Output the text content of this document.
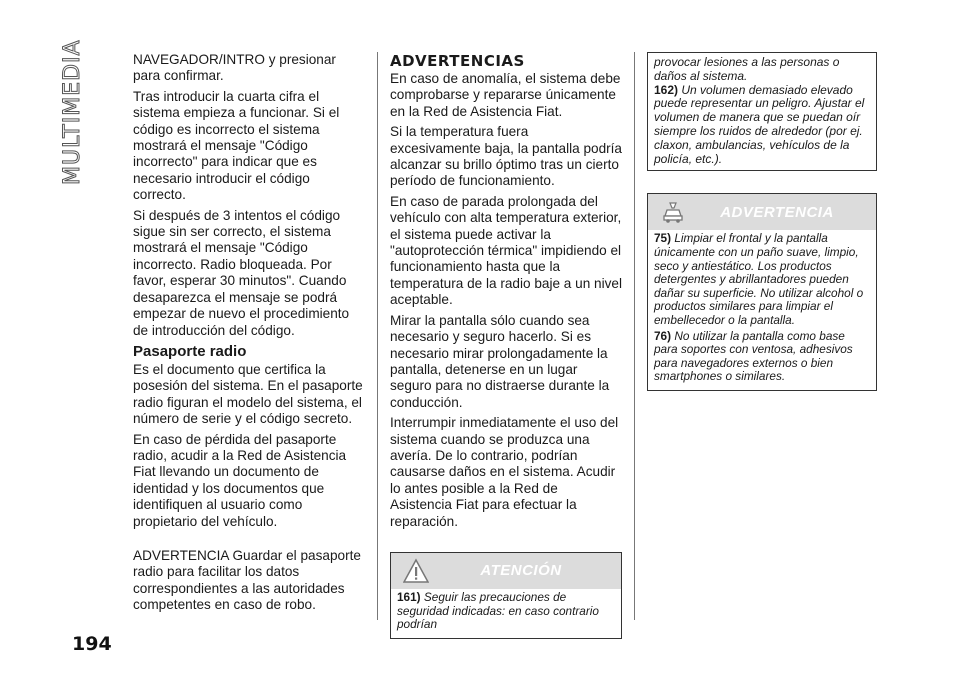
MULTIMEDIA	NAVEGADOR/INTRO y presionar para confirmar.

Tras introducir la cuarta cifra el sistema empieza a funcionar. Si el código es incorrecto el sistema mostrará el mensaje "Código incorrecto" para indicar que es necesario introducir el código correcto.

Si después de 3 intentos el código sigue sin ser correcto, el sistema mostrará el mensaje "Código incorrecto. Radio bloqueada. Por favor, esperar 30 minutos". Cuando desaparezca el mensaje se podrá empezar de nuevo el procedimiento de introducción del código.

Pasaporte radio

Es el documento que certifica la posesión del sistema. En el pasaporte radio figuran el modelo del sistema, el número de serie y el código secreto.

En caso de pérdida del pasaporte radio, acudir a la Red de Asistencia Fiat llevando un documento de identidad y los documentos que identifiquen al usuario como propietario del vehículo.

ADVERTENCIA Guardar el pasaporte radio para facilitar los datos correspondientes a las autoridades competentes en caso de robo.

ADVERTENCIAS

En caso de anomalía, el sistema debe comprobarse y repararse únicamente en la Red de Asistencia Fiat.

Si la temperatura fuera excesivamente baja, la pantalla podría alcanzar su brillo óptimo tras un cierto período de funcionamiento.

En caso de parada prolongada del vehículo con alta temperatura exterior, el sistema puede activar la "autoprotección térmica" impidiendo el funcionamiento hasta que la temperatura de la radio baje a un nivel aceptable.

Mirar la pantalla sólo cuando sea necesario y seguro hacerlo. Si es necesario mirar prolongadamente la pantalla, detenerse en un lugar seguro para no distraerse durante la conducción.

Interrumpir inmediatamente el uso del sistema cuando se produzca una avería. De lo contrario, podrían causarse daños en el sistema. Acudir lo antes posible a la Red de Asistencia Fiat para efectuar la reparación.

ATENCIÓN

161) Seguir las precauciones de seguridad indicadas: en caso contrario podrían

provocar lesiones a las personas o daños al sistema.

162) Un volumen demasiado elevado puede representar un peligro. Ajustar el volumen de manera que se puedan oír siempre los ruidos de alrededor (por ej. claxon, ambulancias, vehículos de la policía, etc.).

ADVERTENCIA

75) Limpiar el frontal y la pantalla únicamente con un paño suave, limpio, seco y antiestático. Los productos detergentes y abrillantadores pueden dañar su superficie. No utilizar alcohol o productos similares para limpiar el embellecedor o la pantalla.

76) No utilizar la pantalla como base para soportes con ventosa, adhesivos para navegadores externos o bien smartphones o similares.

194
